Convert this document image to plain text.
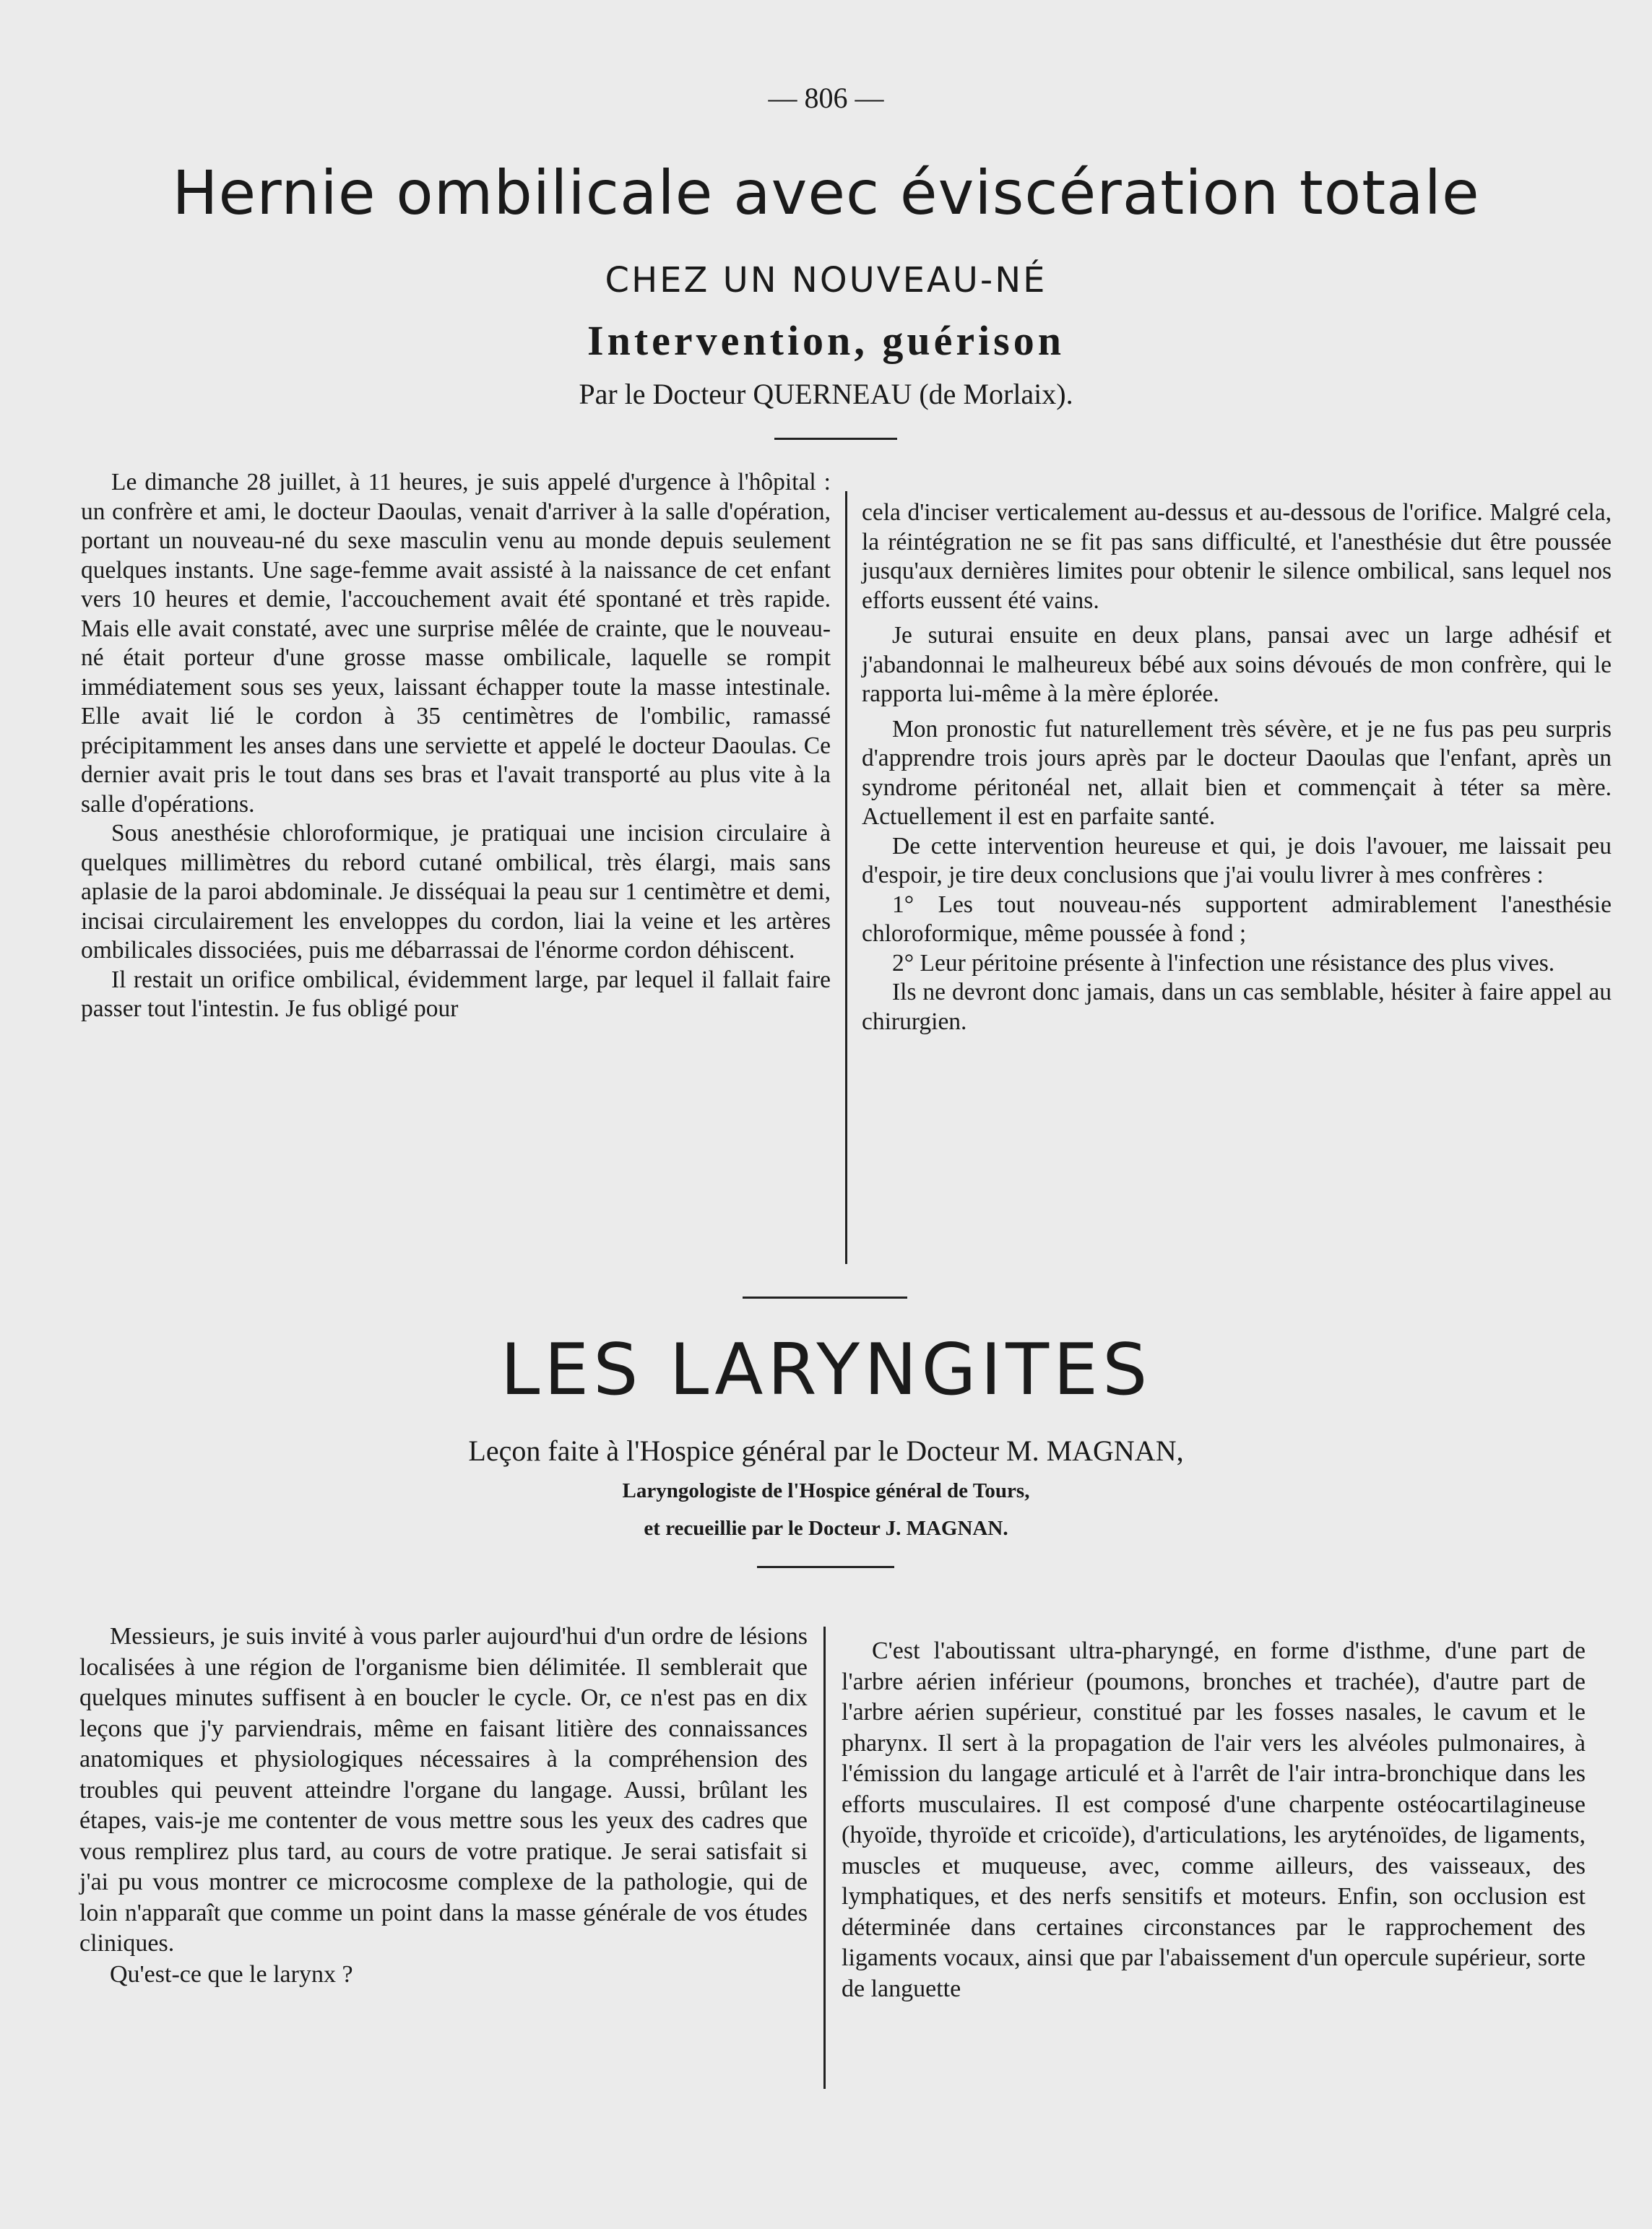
— 806 —
Hernie ombilicale avec éviscération totale
CHEZ UN NOUVEAU-NÉ
Intervention, guérison
Par le Docteur QUERNEAU (de Morlaix).

Le dimanche 28 juillet, à 11 heures, je suis appelé d'urgence à l'hôpital : un confrère et ami, le docteur Daoulas, venait d'arriver à la salle d'opération, portant un nouveau-né du sexe masculin venu au monde depuis seulement quelques instants. Une sage-femme avait assisté à la naissance de cet enfant vers 10 heures et demie, l'accouchement avait été spontané et très rapide. Mais elle avait constaté, avec une surprise mêlée de crainte, que le nouveau-né était porteur d'une grosse masse ombilicale, laquelle se rompit immédiatement sous ses yeux, laissant échapper toute la masse intestinale. Elle avait lié le cordon à 35 centimètres de l'ombilic, ramassé précipitamment les anses dans une serviette et appelé le docteur Daoulas. Ce dernier avait pris le tout dans ses bras et l'avait transporté au plus vite à la salle d'opérations.

Sous anesthésie chloroformique, je pratiquai une incision circulaire à quelques millimètres du rebord cutané ombilical, très élargi, mais sans aplasie de la paroi abdominale. Je disséquai la peau sur 1 centimètre et demi, incisai circulairement les enveloppes du cordon, liai la veine et les artères ombilicales dissociées, puis me débarrassai de l'énorme cordon déhiscent.

Il restait un orifice ombilical, évidemment large, par lequel il fallait faire passer tout l'intestin. Je fus obligé pour

cela d'inciser verticalement au-dessus et au-dessous de l'orifice. Malgré cela, la réintégration ne se fit pas sans difficulté, et l'anesthésie dut être poussée jusqu'aux dernières limites pour obtenir le silence ombilical, sans lequel nos efforts eussent été vains.

Je suturai ensuite en deux plans, pansai avec un large adhésif et j'abandonnai le malheureux bébé aux soins dévoués de mon confrère, qui le rapporta lui-même à la mère éplorée.

Mon pronostic fut naturellement très sévère, et je ne fus pas peu surpris d'apprendre trois jours après par le docteur Daoulas que l'enfant, après un syndrome péritonéal net, allait bien et commençait à téter sa mère. Actuellement il est en parfaite santé.

De cette intervention heureuse et qui, je dois l'avouer, me laissait peu d'espoir, je tire deux conclusions que j'ai voulu livrer à mes confrères :

1° Les tout nouveau-nés supportent admirablement l'anesthésie chloroformique, même poussée à fond ;

2° Leur péritoine présente à l'infection une résistance des plus vives.

Ils ne devront donc jamais, dans un cas semblable, hésiter à faire appel au chirurgien.

LES LARYNGITES
Leçon faite à l'Hospice général par le Docteur M. MAGNAN,
Laryngologiste de l'Hospice général de Tours,
et recueillie par le Docteur J. MAGNAN.

Messieurs, je suis invité à vous parler aujourd'hui d'un ordre de lésions localisées à une région de l'organisme bien délimitée. Il semblerait que quelques minutes suffisent à en boucler le cycle. Or, ce n'est pas en dix leçons que j'y parviendrais, même en faisant litière des connaissances anatomiques et physiologiques nécessaires à la compréhension des troubles qui peuvent atteindre l'organe du langage. Aussi, brûlant les étapes, vais-je me contenter de vous mettre sous les yeux des cadres que vous remplirez plus tard, au cours de votre pratique. Je serai satisfait si j'ai pu vous montrer ce microcosme complexe de la pathologie, qui de loin n'apparaît que comme un point dans la masse générale de vos études cliniques.

Qu'est-ce que le larynx ?

C'est l'aboutissant ultra-pharyngé, en forme d'isthme, d'une part de l'arbre aérien inférieur (poumons, bronches et trachée), d'autre part de l'arbre aérien supérieur, constitué par les fosses nasales, le cavum et le pharynx. Il sert à la propagation de l'air vers les alvéoles pulmonaires, à l'émission du langage articulé et à l'arrêt de l'air intra-bronchique dans les efforts musculaires. Il est composé d'une charpente ostéocartilagineuse (hyoïde, thyroïde et cricoïde), d'articulations, les aryténoïdes, de ligaments, muscles et muqueuse, avec, comme ailleurs, des vaisseaux, des lymphatiques, et des nerfs sensitifs et moteurs. Enfin, son occlusion est déterminée dans certaines circonstances par le rapprochement des ligaments vocaux, ainsi que par l'abaissement d'un opercule supérieur, sorte de languette
